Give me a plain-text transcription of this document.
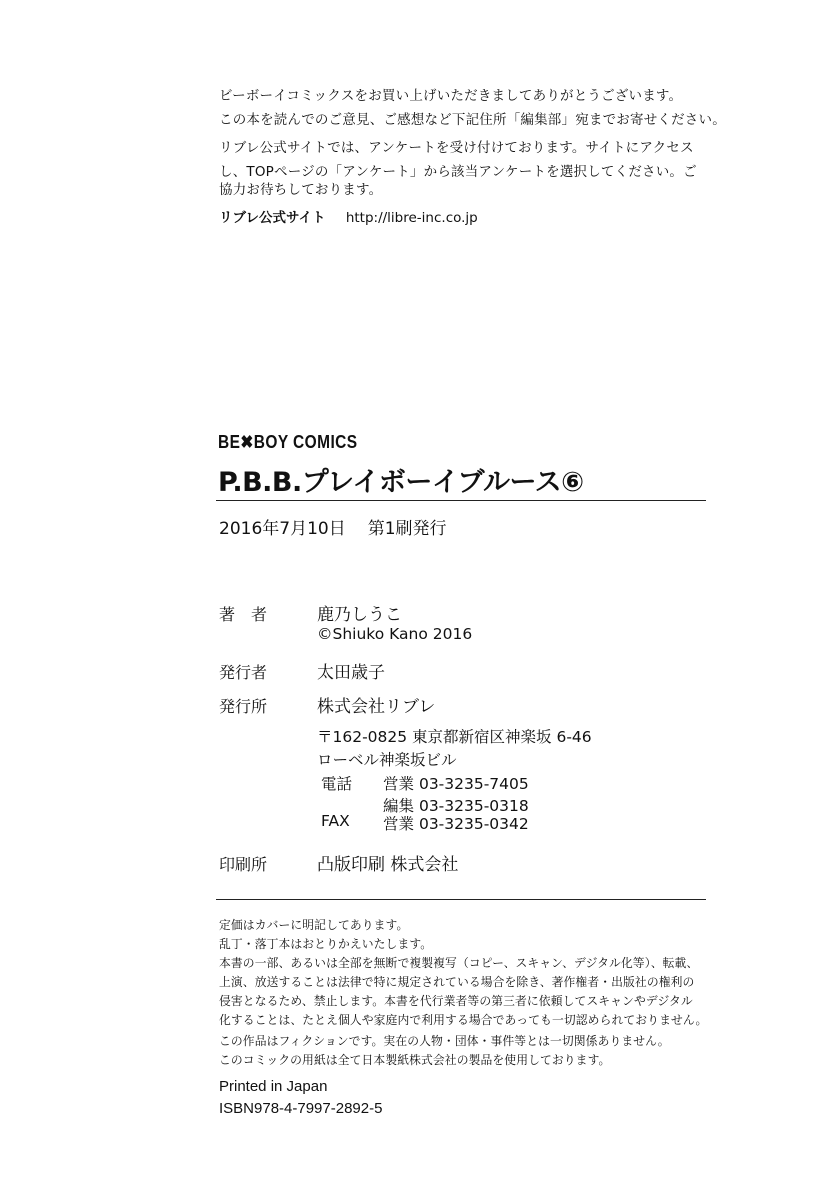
ビーボーイコミックスをお買い上げいただきましてありがとうございます。
この本を読んでのご意見、ご感想など下記住所「編集部」宛までお寄せください。
リブレ公式サイトでは、アンケートを受け付けております。サイトにアクセス
し、TOPページの「アンケート」から該当アンケートを選択してください。ご
協力お待ちしております。
リブレ公式サイト http://libre-inc.co.jp
BE✖BOY COMICS
P.B.B.プレイボーイブルース⑥
2016年7月10日 第1刷発行
著　者	鹿乃しうこ
©Shiuko Kano 2016
発行者	太田歳子
発行所	株式会社リブレ
〒162-0825 東京都新宿区神楽坂 6-46
ローベル神楽坂ビル
電話 営業 03-3235-7405
編集 03-3235-0318
FAX 営業 03-3235-0342
印刷所	凸版印刷 株式会社
定価はカバーに明記してあります。
乱丁・落丁本はおとりかえいたします。
本書の一部、あるいは全部を無断で複製複写（コピー、スキャン、デジタル化等）、転載、
上演、放送することは法律で特に規定されている場合を除き、著作権者・出版社の権利の
侵害となるため、禁止します。本書を代行業者等の第三者に依頼してスキャンやデジタル
化することは、たとえ個人や家庭内で利用する場合であっても一切認められておりません。
この作品はフィクションです。実在の人物・団体・事件等とは一切関係ありません。
このコミックの用紙は全て日本製紙株式会社の製品を使用しております。
Printed in Japan
ISBN978-4-7997-2892-5
